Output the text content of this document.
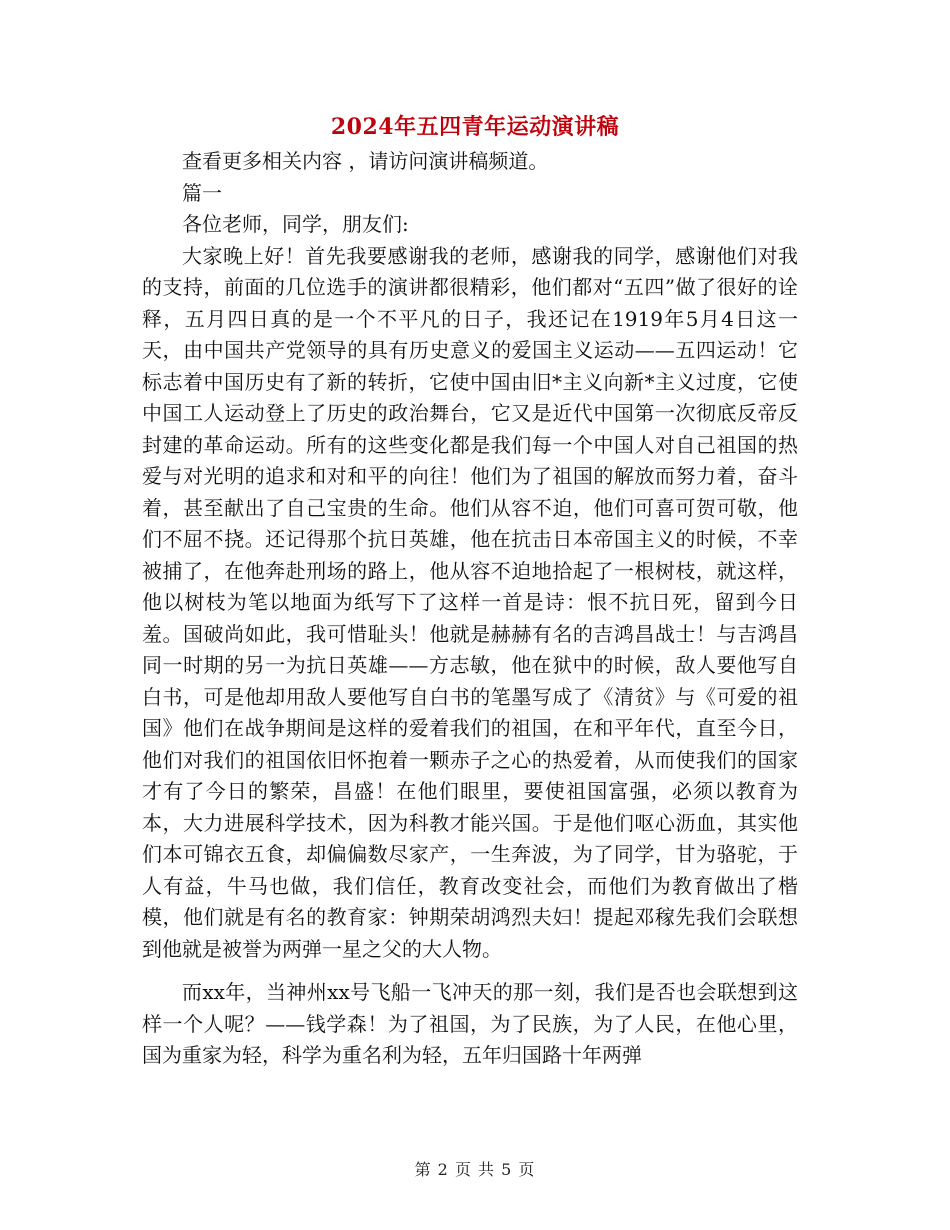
2024年五四青年运动演讲稿

查看更多相关内容 ，请访问演讲稿频道。

篇一

各位老师，同学，朋友们:

大家晚上好！首先我要感谢我的老师，感谢我的同学，感谢他们对我的支持，前面的几位选手的演讲都很精彩，他们都对“五四”做了很好的诠释，五月四日真的是一个不平凡的日子，我还记在1919年5月4日这一天，由中国共产党领导的具有历史意义的爱国主义运动——五四运动！它标志着中国历史有了新的转折，它使中国由旧*主义向新*主义过度，它使中国工人运动登上了历史的政治舞台，它又是近代中国第一次彻底反帝反封建的革命运动。所有的这些变化都是我们每一个中国人对自己祖国的热爱与对光明的追求和对和平的向往！他们为了祖国的解放而努力着，奋斗着，甚至献出了自己宝贵的生命。他们从容不迫，他们可喜可贺可敬，他们不屈不挠。还记得那个抗日英雄，他在抗击日本帝国主义的时候，不幸被捕了，在他奔赴刑场的路上，他从容不迫地拾起了一根树枝，就这样，他以树枝为笔以地面为纸写下了这样一首是诗：恨不抗日死，留到今日羞。国破尚如此，我可惜耻头！他就是赫赫有名的吉鸿昌战士！与吉鸿昌同一时期的另一为抗日英雄——方志敏，他在狱中的时候，敌人要他写自白书，可是他却用敌人要他写自白书的笔墨写成了《清贫》与《可爱的祖国》他们在战争期间是这样的爱着我们的祖国，在和平年代，直至今日，他们对我们的祖国依旧怀抱着一颗赤子之心的热爱着，从而使我们的国家才有了今日的繁荣，昌盛！在他们眼里，要使祖国富强，必须以教育为本，大力进展科学技术，因为科教才能兴国。于是他们呕心沥血，其实他们本可锦衣五食，却偏偏数尽家产，一生奔波，为了同学，甘为骆驼，于人有益，牛马也做，我们信任，教育改变社会，而他们为教育做出了楷模，他们就是有名的教育家：钟期荣胡鸿烈夫妇！提起邓稼先我们会联想到他就是被誉为两弹一星之父的大人物。

而xx年，当神州xx号飞船一飞冲天的那一刻，我们是否也会联想到这样一个人呢？——钱学森！为了祖国，为了民族，为了人民，在他心里，国为重家为轻，科学为重名利为轻，五年归国路十年两弹

第 2 页 共 5 页
